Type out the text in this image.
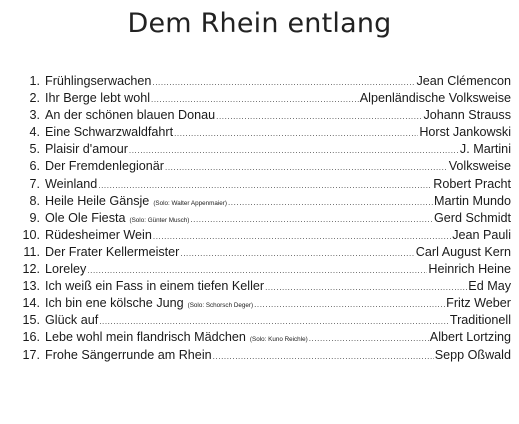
Dem Rhein entlang
1. Frühlingserwachen .....	Jean Clémencon
2. Ihr Berge lebt wohl .....	Alpenländische Volksweise
3. An der schönen blauen Donau .....	Johann Strauss
4. Eine Schwarzwaldfahrt .....	Horst Jankowski
5. Plaisir d'amour .....	J. Martini
6. Der Fremdenlegionär .....	Volksweise
7. Weinland .....	Robert Pracht
8. Heile Heile Gänsje (Solo: Walter Appenmaier) .....	Martin Mundo
9. Ole Ole Fiesta (Solo: Günter Musch) .....	Gerd Schmidt
10. Rüdesheimer Wein .....	Jean Pauli
11. Der Frater Kellermeister .....	Carl August Kern
12. Loreley .....	Heinrich Heine
13. Ich weiß ein Fass in einem tiefen Keller .....	Ed May
14. Ich bin ene kölsche Jung (Solo: Schorsch Deger) .....	Fritz Weber
15. Glück auf .....	Traditionell
16. Lebe wohl mein flandrisch Mädchen (Solo: Kuno Reichle) .....	Albert Lortzing
17. Frohe Sängerrunde am Rhein .....	Sepp Oßwald
